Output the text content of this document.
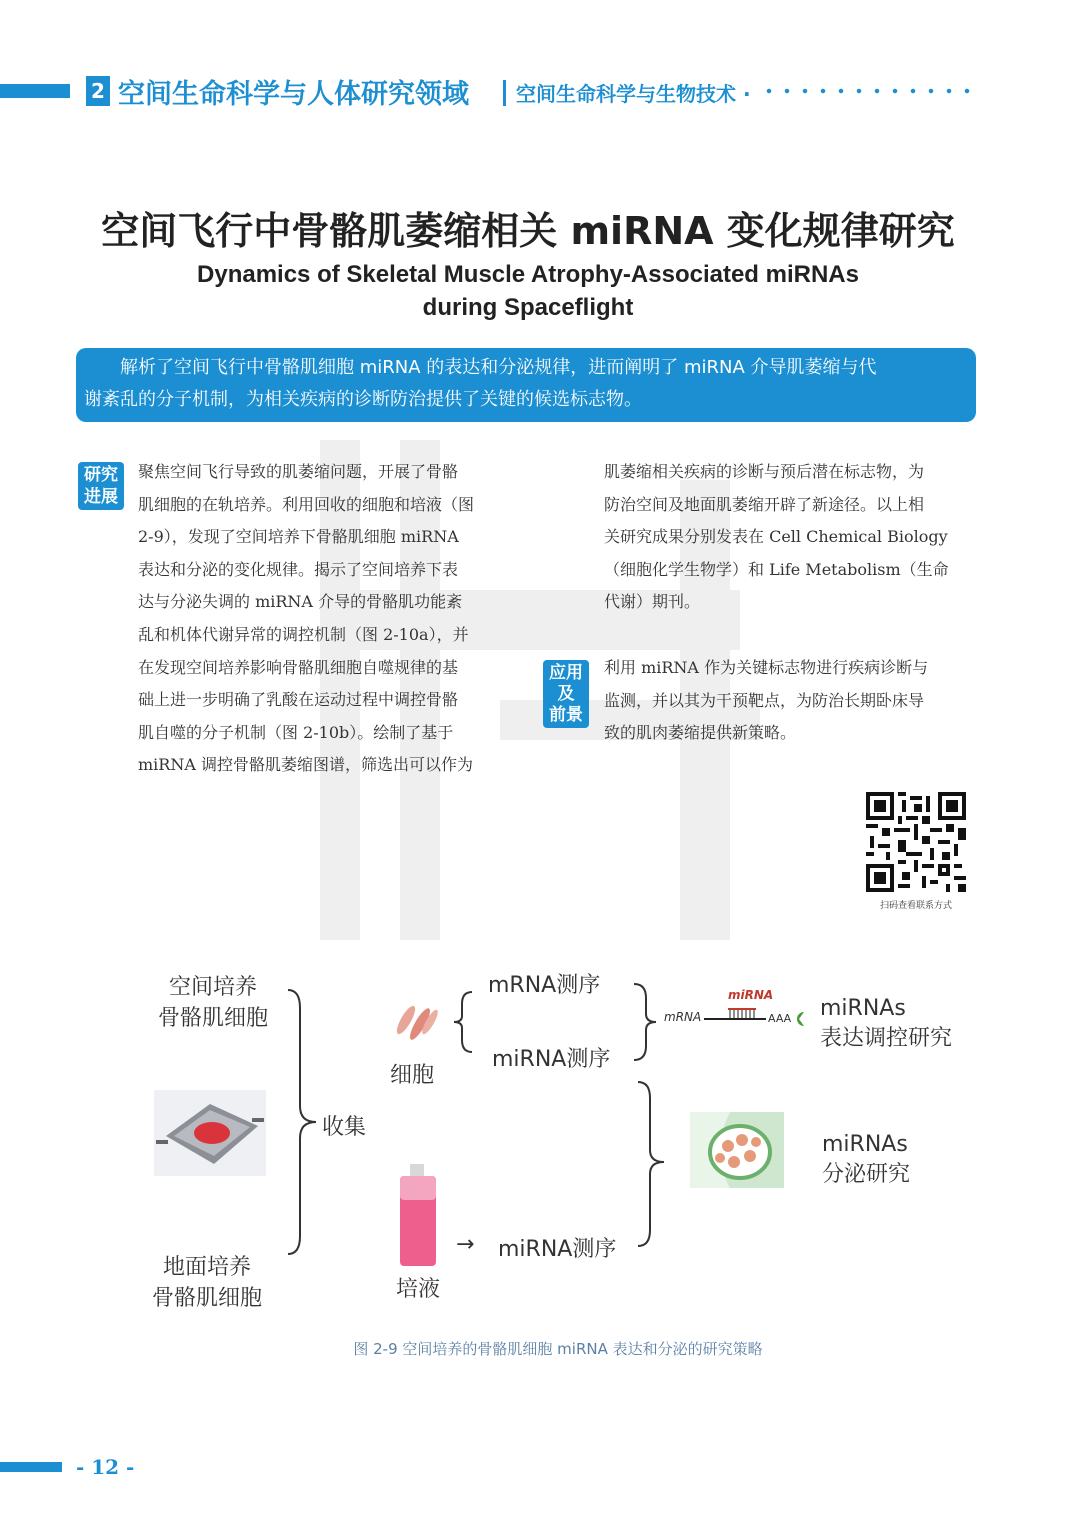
2 空间生命科学与人体研究领域 空间生命科学与生物技术 ·
空间飞行中骨骼肌萎缩相关 miRNA 变化规律研究
Dynamics of Skeletal Muscle Atrophy-Associated miRNAs
during Spaceflight
解析了空间飞行中骨骼肌细胞 miRNA 的表达和分泌规律，进而阐明了 miRNA 介导肌萎缩与代
谢紊乱的分子机制，为相关疾病的诊断防治提供了关键的候选标志物。
研究
进展
聚焦空间飞行导致的肌萎缩问题，开展了骨骼
肌细胞的在轨培养。利用回收的细胞和培液（图
2-9），发现了空间培养下骨骼肌细胞 miRNA
表达和分泌的变化规律。揭示了空间培养下表
达与分泌失调的 miRNA 介导的骨骼肌功能紊
乱和机体代谢异常的调控机制（图 2-10a），并
在发现空间培养影响骨骼肌细胞自噬规律的基
础上进一步明确了乳酸在运动过程中调控骨骼
肌自噬的分子机制（图 2-10b）。绘制了基于
miRNA 调控骨骼肌萎缩图谱，筛选出可以作为
肌萎缩相关疾病的诊断与预后潜在标志物，为
防治空间及地面肌萎缩开辟了新途径。以上相
关研究成果分别发表在 Cell Chemical Biology
（细胞化学生物学）和 Life Metabolism（生命
代谢）期刊。
应用
及
前景
利用 miRNA 作为关键标志物进行疾病诊断与
监测，并以其为干预靶点，为防治长期卧床导
致的肌肉萎缩提供新策略。
扫码查看联系方式
空间培养
骨骼肌细胞
地面培养
骨骼肌细胞
收集
细胞
mRNA测序
miRNA测序
miRNA
mRNA	AAA miRNAs
表达调控研究
培液
→ miRNA测序
miRNAs
分泌研究
图 2-9 空间培养的骨骼肌细胞 miRNA 表达和分泌的研究策略
- 12 -
